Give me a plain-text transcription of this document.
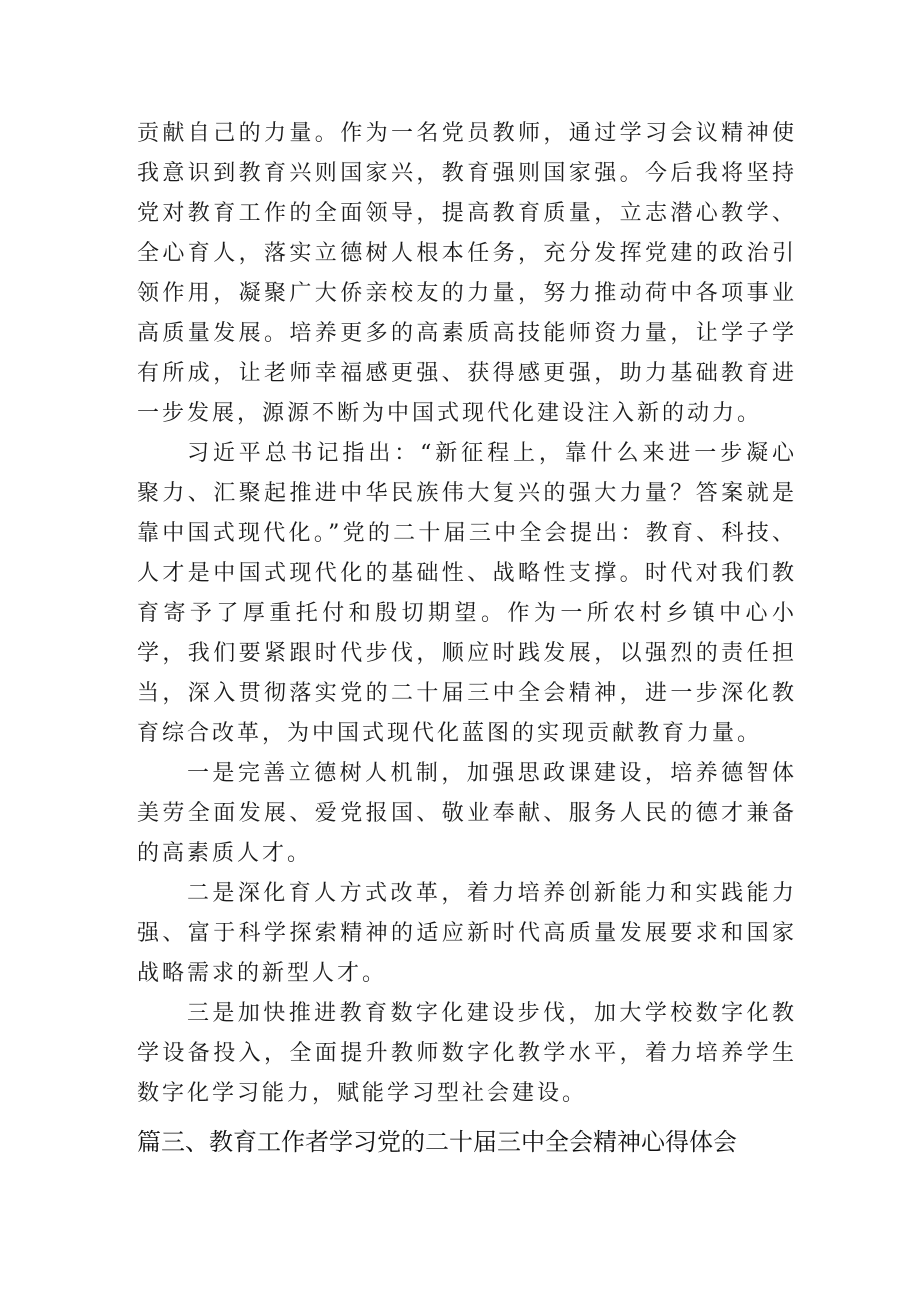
贡献自己的力量。作为一名党员教师，通过学习会议精神使我意识到教育兴则国家兴，教育强则国家强。今后我将坚持党对教育工作的全面领导，提高教育质量，立志潜心教学、全心育人，落实立德树人根本任务，充分发挥党建的政治引领作用，凝聚广大侨亲校友的力量，努力推动荷中各项事业高质量发展。培养更多的高素质高技能师资力量，让学子学有所成，让老师幸福感更强、获得感更强，助力基础教育进一步发展，源源不断为中国式现代化建设注入新的动力。

习近平总书记指出：“新征程上，靠什么来进一步凝心聚力、汇聚起推进中华民族伟大复兴的强大力量？答案就是靠中国式现代化。”党的二十届三中全会提出：教育、科技、人才是中国式现代化的基础性、战略性支撑。时代对我们教育寄予了厚重托付和殷切期望。作为一所农村乡镇中心小学，我们要紧跟时代步伐，顺应时践发展，以强烈的责任担当，深入贯彻落实党的二十届三中全会精神，进一步深化教育综合改革，为中国式现代化蓝图的实现贡献教育力量。

一是完善立德树人机制，加强思政课建设，培养德智体美劳全面发展、爱党报国、敬业奉献、服务人民的德才兼备的高素质人才。

二是深化育人方式改革，着力培养创新能力和实践能力强、富于科学探索精神的适应新时代高质量发展要求和国家战略需求的新型人才。

三是加快推进教育数字化建设步伐，加大学校数字化教学设备投入，全面提升教师数字化教学水平，着力培养学生数字化学习能力，赋能学习型社会建设。

篇三、教育工作者学习党的二十届三中全会精神心得体会
